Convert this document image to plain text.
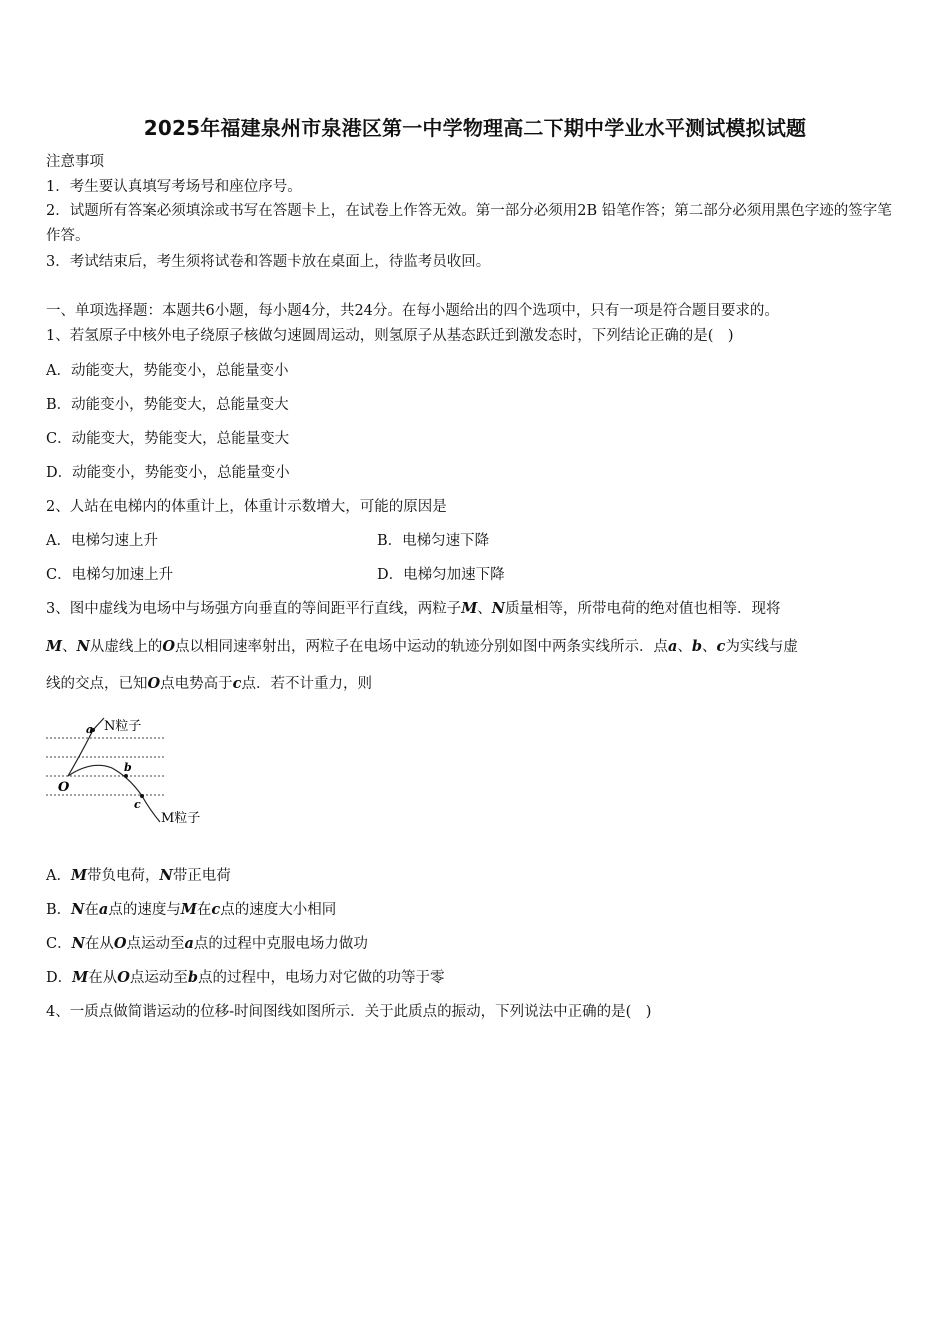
2025年福建泉州市泉港区第一中学物理高二下期中学业水平测试模拟试题
注意事项
1．考生要认真填写考场号和座位序号。
2．试题所有答案必须填涂或书写在答题卡上，在试卷上作答无效。第一部分必须用2B 铅笔作答；第二部分必须用黑色字迹的签字笔作答。
3．考试结束后，考生须将试卷和答题卡放在桌面上，待监考员收回。
一、单项选择题：本题共6小题，每小题4分，共24分。在每小题给出的四个选项中，只有一项是符合题目要求的。
1、若氢原子中核外电子绕原子核做匀速圆周运动，则氢原子从基态跃迁到激发态时，下列结论正确的是(　)
A．动能变大，势能变小，总能量变小
B．动能变小，势能变大，总能量变大
C．动能变大，势能变大，总能量变大
D．动能变小，势能变小，总能量变小
2、人站在电梯内的体重计上，体重计示数增大，可能的原因是
A．电梯匀速上升	B．电梯匀速下降
C．电梯匀加速上升	D．电梯匀加速下降
3、图中虚线为电场中与场强方向垂直的等间距平行直线，两粒子M、N质量相等，所带电荷的绝对值也相等．现将
M、N从虚线上的O点以相同速率射出，两粒子在电场中运动的轨迹分别如图中两条实线所示．点a、b、c为实线与虚
线的交点，已知O点电势高于c点．若不计重力，则
a
b
c
O
N粒子
M粒子
A．M带负电荷，N带正电荷
B．N在a点的速度与M在c点的速度大小相同
C．N在从O点运动至a点的过程中克服电场力做功
D．M在从O点运动至b点的过程中，电场力对它做的功等于零
4、一质点做简谐运动的位移-时间图线如图所示．关于此质点的振动，下列说法中正确的是(　)
